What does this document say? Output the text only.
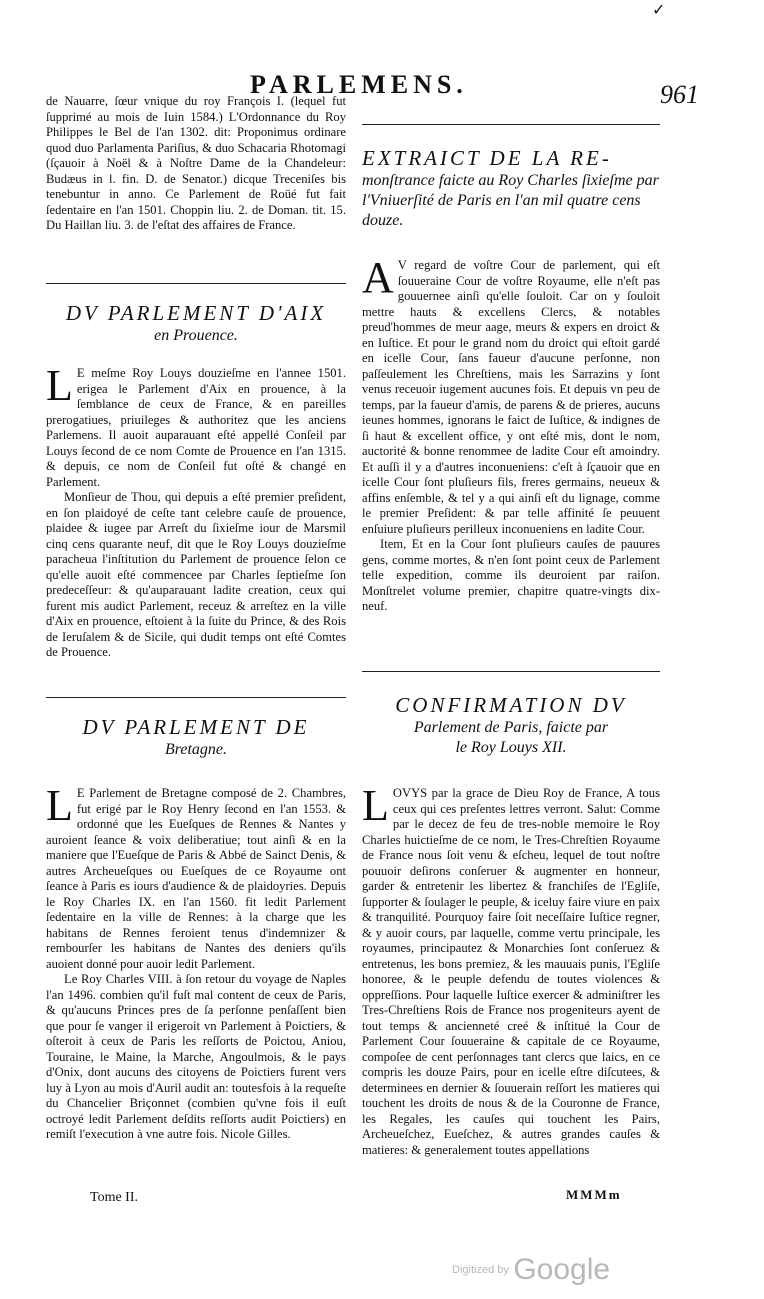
✓
PARLEMENS.	961

de Nauarre, ſœur vnique du roy François I. (lequel fut ſupprimé au mois de Iuin 1584.) L'Ordonnance du Roy Philippes le Bel de l'an 1302. dit: Proponimus ordinare quod duo Parlamenta Pariſius, & duo Schacaria Rhotomagi (ſçauoir à Noël & à Noſtre Dame de la Chandeleur: Budæus in l. fin. D. de Senator.) dicque Treceniſes bis tenebuntur in anno. Ce Parlement de Roüé fut fait ſedentaire en l'an 1501. Choppin liu. 2. de Doman. tit. 15. Du Haillan liu. 3. de l'eſtat des affaires de France.

DV PARLEMENT D'AIX
en Prouence.

L E meſme Roy Louys douzieſme en l'annee 1501. erigea le Parlement d'Aix en prouence, à la ſemblance de ceux de France, & en pareilles prerogatiues, priuileges & authoritez que les anciens Parlemens. Il auoit auparauant eſté appellé Conſeil par Louys ſecond de ce nom Comte de Prouence en l'an 1315. & depuis, ce nom de Conſeil fut oſté & changé en Parlement.

Monſieur de Thou, qui depuis a eſté premier preſident, en ſon plaidoyé de ceſte tant celebre cauſe de prouence, plaidee & iugee par Arreſt du ſixieſme iour de Marsmil cinq cens quarante neuf, dit que le Roy Louys douzieſme paracheua l'inſtitution du Parlement de prouence ſelon ce qu'elle auoit eſté commencee par Charles ſeptieſme ſon predeceſſeur: & qu'auparauant ladite creation, ceux qui furent mis audict Parlement, receuz & arreſtez en la ville d'Aix en prouence, eſtoient à la ſuite du Prince, & des Rois de Ieruſalem & de Sicile, qui dudit temps ont eſté Comtes de Prouence.

DV PARLEMENT DE
Bretagne.

L E Parlement de Bretagne composé de 2. Chambres, fut erigé par le Roy Henry ſecond en l'an 1553. & ordonné que les Eueſques de Rennes & Nantes y auroient ſeance & voix deliberatiue; tout ainſi & en la maniere que l'Eueſque de Paris & Abbé de Sainct Denis, & autres Archeueſques ou Eueſques de ce Royaume ont ſeance à Paris es iours d'audience & de plaidoyries. Depuis le Roy Charles IX. en l'an 1560. fit ledit Parlement ſedentaire en la ville de Rennes: à la charge que les habitans de Rennes feroient tenus d'indemnizer & rembourſer les habitans de Nantes des deniers qu'ils auoient donné pour auoir ledit Parlement.

Le Roy Charles VIII. à ſon retour du voyage de Naples l'an 1496. combien qu'il fuſt mal content de ceux de Paris, & qu'aucuns Princes pres de ſa perſonne penſaſſent bien que pour ſe vanger il erigeroit vn Parlement à Poictiers, & oſteroit à ceux de Paris les reſſorts de Poictou, Aniou, Touraine, le Maine, la Marche, Angoulmois, & le pays d'Onix, dont aucuns des citoyens de Poictiers furent vers luy à Lyon au mois d'Auril audit an: toutesfois à la requeſte du Chancelier Briçonnet (combien qu'vne fois il euſt octroyé ledit Parlement deſdits reſſorts audit Poictiers) en remiſt l'execution à vne autre fois. Nicole Gilles.

EXTRAICT DE LA RE-
monſtrance faicte au Roy Charles ſixieſme par l'Vniuerſité de Paris en l'an mil quatre cens douze.

A V regard de voſtre Cour de parlement, qui eſt ſouueraine Cour de voſtre Royaume, elle n'eſt pas gouuernee ainſi qu'elle ſouloit. Car on y ſouloit mettre hauts & excellens Clercs, & notables preud'hommes de meur aage, meurs & expers en droict & en Iuſtice. Et pour le grand nom du droict qui eſtoit gardé en icelle Cour, ſans faueur d'aucune perſonne, non paſſeulement les Chreſtiens, mais les Sarrazins y ſont venus receuoir iugement aucunes fois. Et depuis vn peu de temps, par la faueur d'amis, de parens & de prieres, aucuns ieunes hommes, ignorans le faict de Iuſtice, & indignes de ſi haut & excellent office, y ont eſté mis, dont le nom, auctorité & bonne renommee de ladite Cour eſt amoindry. Et auſſi il y a d'autres inconueniens: c'eſt à ſçauoir que en icelle Cour ſont pluſieurs fils, freres germains, neueux & affins enſemble, & tel y a qui ainſi eſt du lignage, comme le premier Preſident: & par telle affinité ſe peuuent enſuiure pluſieurs perilleux inconueniens en ladite Cour.

Item, Et en la Cour ſont pluſieurs cauſes de pauures gens, comme mortes, & n'en ſont point ceux de Parlement telle expedition, comme ils deuroient par raiſon. Monſtrelet volume premier, chapitre quatre-vingts dix-neuf.

CONFIRMATION DV
Parlement de Paris, faicte par
le Roy Louys XII.

LOVYS par la grace de Dieu Roy de France, A tous ceux qui ces preſentes lettres verront. Salut: Comme par le decez de feu de tres-noble memoire le Roy Charles huictieſme de ce nom, le Tres-Chreſtien Royaume de France nous ſoit venu & eſcheu, lequel de tout noſtre pouuoir deſirons conſeruer & augmenter en honneur, garder & entretenir les libertez & franchiſes de l'Egliſe, ſupporter & ſoulager le peuple, & iceluy faire viure en paix & tranquilité. Pourquoy faire ſoit neceſſaire Iuſtice regner, & y auoir cours, par laquelle, comme vertu principale, les royaumes, principautez & Monarchies ſont conſeruez & entretenus, les bons premiez, & les mauuais punis, l'Egliſe honoree, & le peuple defendu de toutes violences & oppreſſions. Pour laquelle Iuſtice exercer & adminiſtrer les Tres-Chreſtiens Rois de France nos progeniteurs ayent de tout temps & ancienneté creé & inſtitué la Cour de Parlement Cour ſouueraine & capitale de ce Royaume, compoſee de cent perſonnages tant clercs que laics, en ce compris les douze Pairs, pour en icelle eſtre diſcutees, & determinees en dernier & ſouuerain reſſort les matieres qui touchent les droits de nous & de la Couronne de France, les Regales, les cauſes qui touchent les Pairs, Archeueſchez, Eueſchez, & autres grandes cauſes & matieres: & generalement toutes appellations

Tome II.	MMMm
Digitized by Google
